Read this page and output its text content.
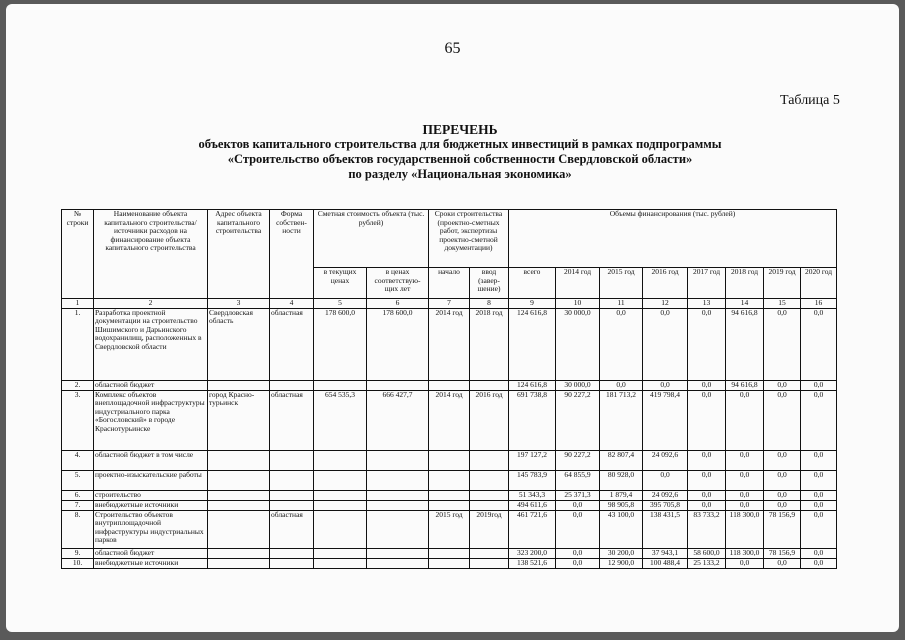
65
Таблица 5
ПЕРЕЧЕНЬ
объектов капитального строительства для бюджетных инвестиций в рамках подпрограммы
«Строительство объектов государственной собственности Свердловской области»
по разделу «Национальная экономика»
№ строки	Наименование объекта капитального строительства/ источники расходов на финансирование объекта капитального строительства	Адрес объекта капитального строительства	Форма собствен-ности	Сметная стоимость объекта (тыс. рублей)		Сроки строительства (проектно-сметных работ, экспертизы проектно-сметной документации)		Объемы финансирования (тыс. рублей)							
				в текущих ценах	в ценах соответствую-щих лет	начало	ввод (завер-шение)	всего	2014 год	2015 год	2016 год	2017 год	2018 год	2019 год	2020 год
1	2	3	4	5	6	7	8	9	10	11	12	13	14	15	16
1.	Разработка проектной документации на строительство Шишимского и Дарьинского водохранилищ, расположенных в Свердловской области	Свердловская область	областная	178 600,0	178 600,0	2014 год	2018 год	124 616,8	30 000,0	0,0	0,0	0,0	94 616,8	0,0	0,0
2.	областной бюджет							124 616,8	30 000,0	0,0	0,0	0,0	94 616,8	0,0	0,0
3.	Комплекс объектов внеплощадочной инфраструктуры индустриального парка «Богословский» в городе Краснотурьинске	город Красно-турьинск	областная	654 535,3	666 427,7	2014 год	2016 год	691 738,8	90 227,2	181 713,2	419 798,4	0,0	0,0	0,0	0,0
4.	областной бюджет в том числе							197 127,2	90 227,2	82 807,4	24 092,6	0,0	0,0	0,0	0,0
5.	проектно-изыскательские работы							145 783,9	64 855,9	80 928,0	0,0	0,0	0,0	0,0	0,0
6.	строительство							51 343,3	25 371,3	1 879,4	24 092,6	0,0	0,0	0,0	0,0
7.	внебюджетные источники							494 611,6	0,0	98 905,8	395 705,8	0,0	0,0	0,0	0,0
8.	Строительство объектов внутриплощадочной инфраструктуры индустриальных парков		областная			2015 год	2019год	461 721,6	0,0	43 100,0	138 431,5	83 733,2	118 300,0	78 156,9	0,0
9.	областной бюджет							323 200,0	0,0	30 200,0	37 943,1	58 600,0	118 300,0	78 156,9	0,0
10.	внебюджетные источники							138 521,6	0,0	12 900,0	100 488,4	25 133,2	0,0	0,0	0,0
